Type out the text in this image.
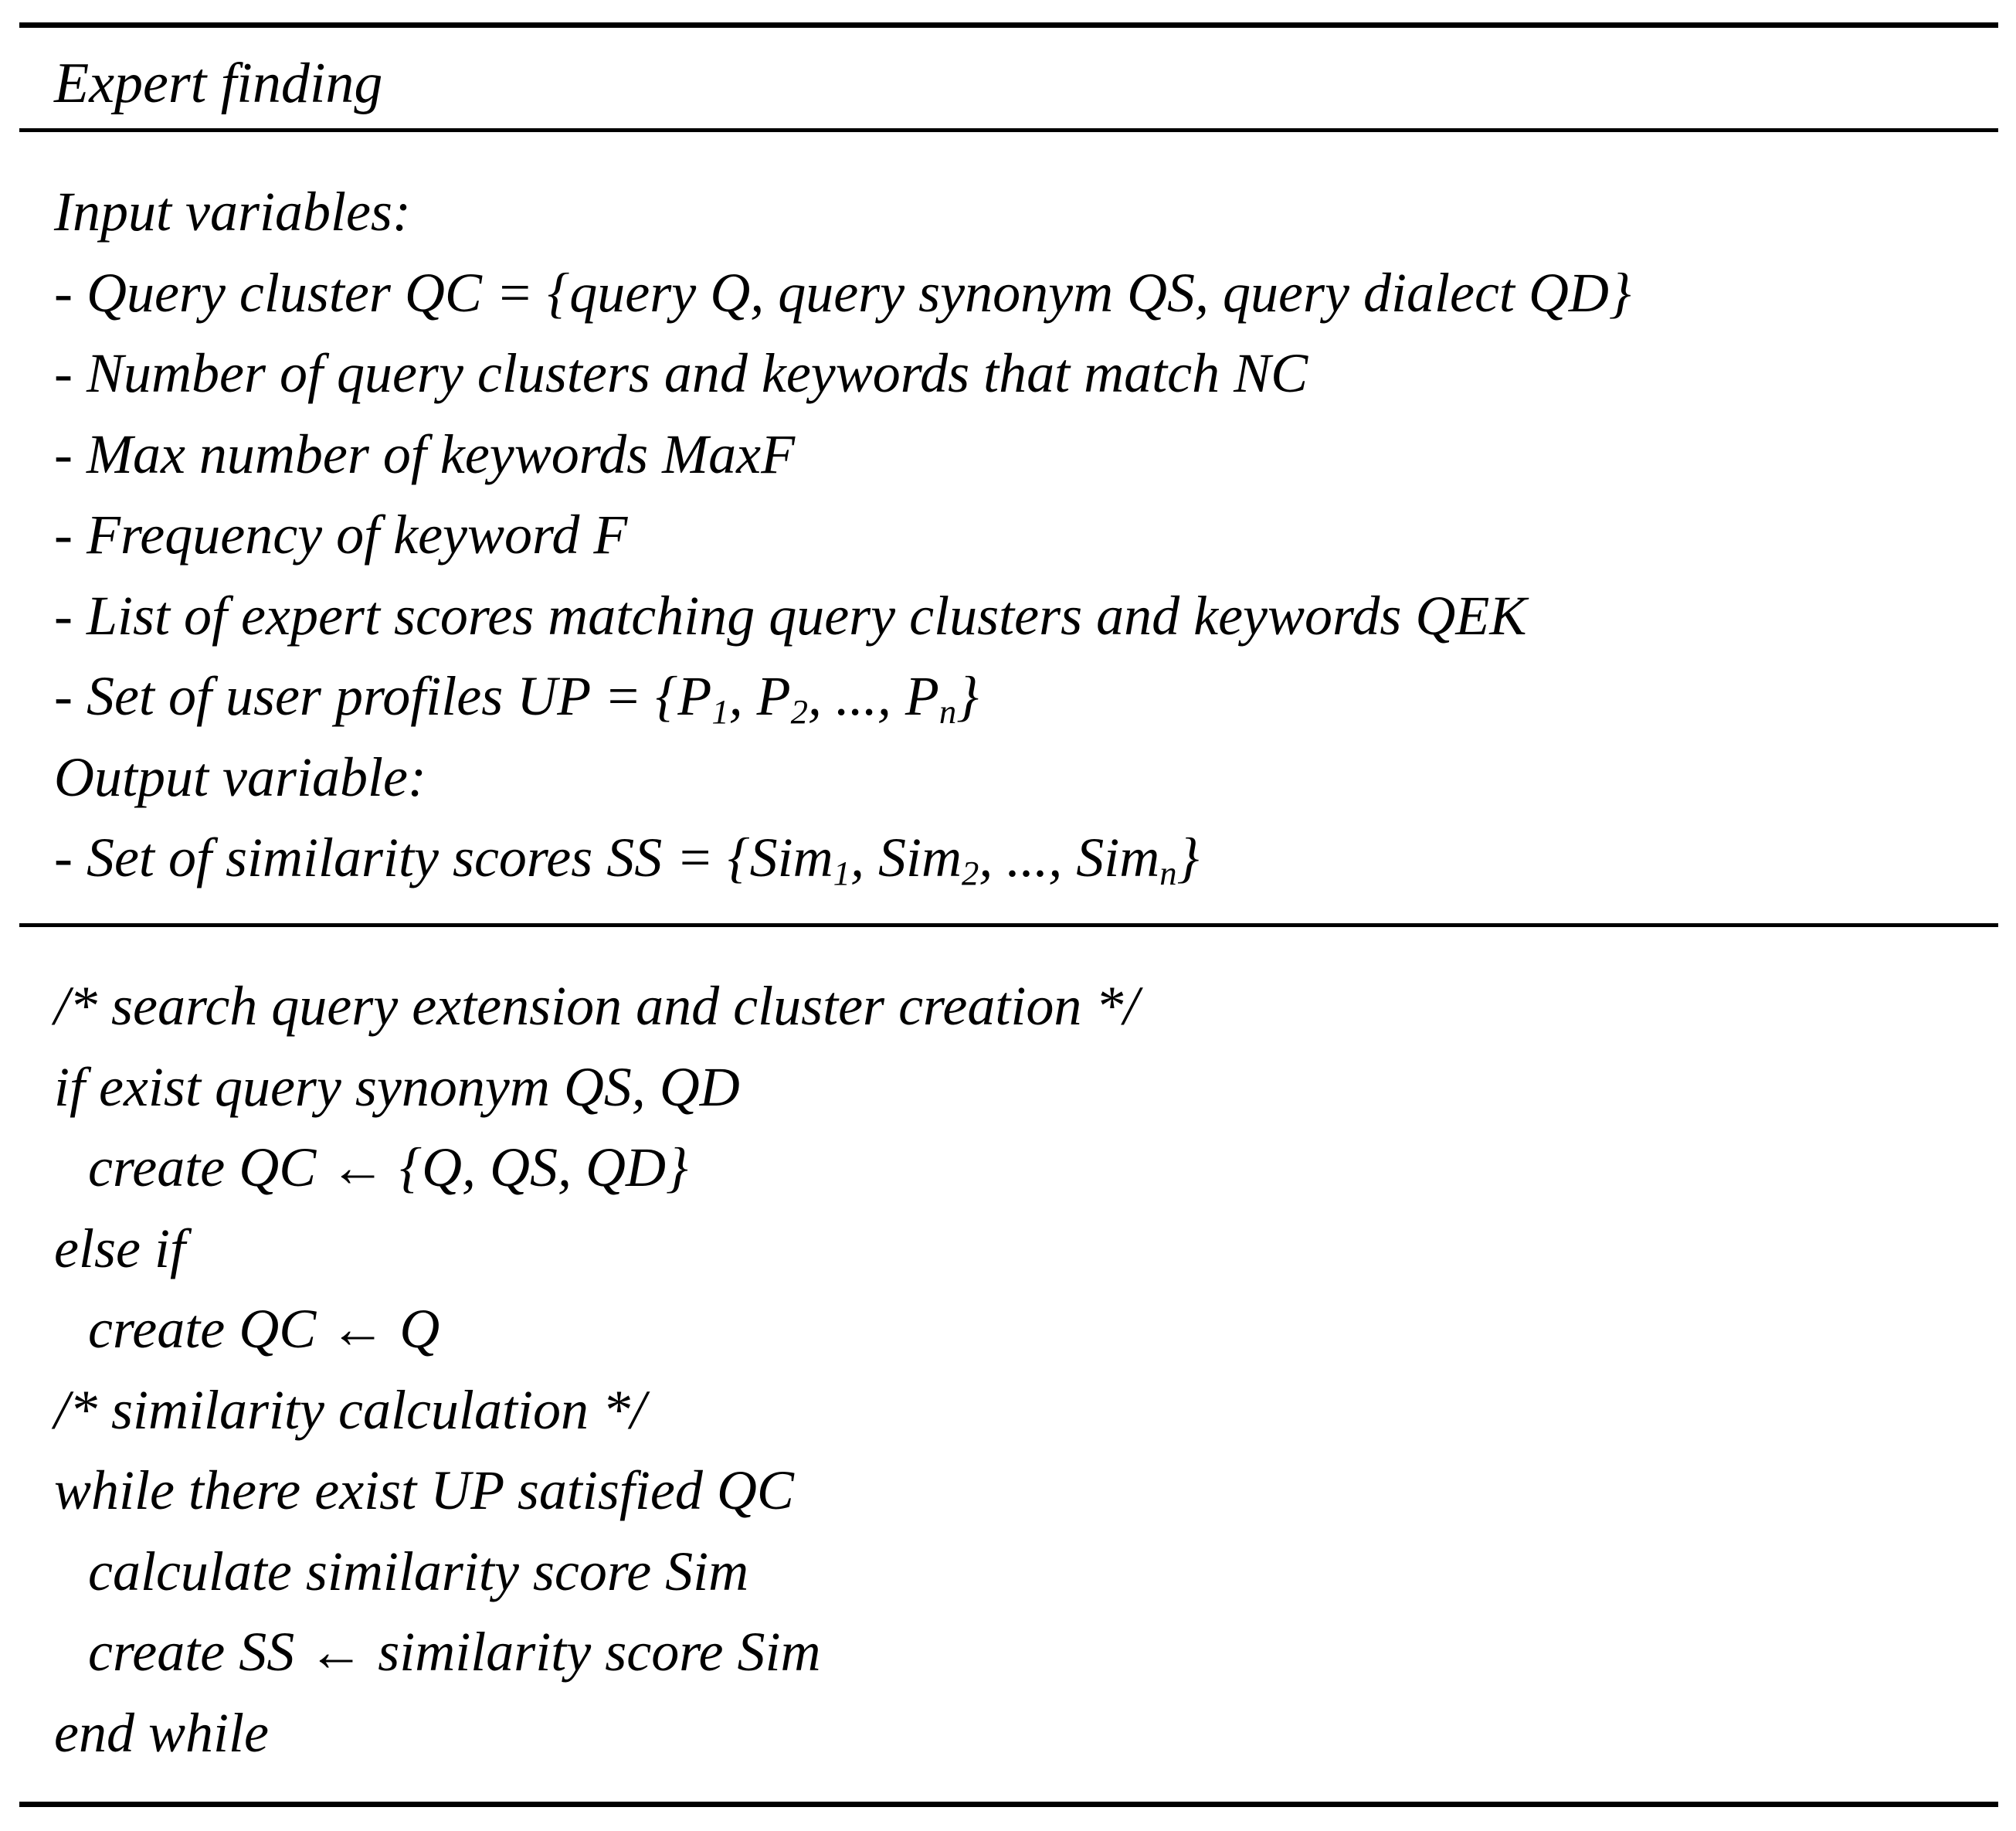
Expert finding
Input variables:
- Query cluster QC = {query Q, query synonym QS, query dialect QD}
- Number of query clusters and keywords that match NC
- Max number of keywords MaxF
- Frequency of keyword F
- List of expert scores matching query clusters and keywords QEK
- Set of user profiles UP = {$P_1$, $P_2$, ..., $P_n$}
Output variable:
- Set of similarity scores SS = {Sim$_1$, Sim$_2$, ..., Sim$_n$}
/* search query extension and cluster creation */
if exist query synonym QS, QD
create QC ← {Q, QS, QD}
else if
create QC ← Q
/* similarity calculation */
while there exist UP satisfied QC
calculate similarity score Sim
create SS ← similarity score Sim
end while
